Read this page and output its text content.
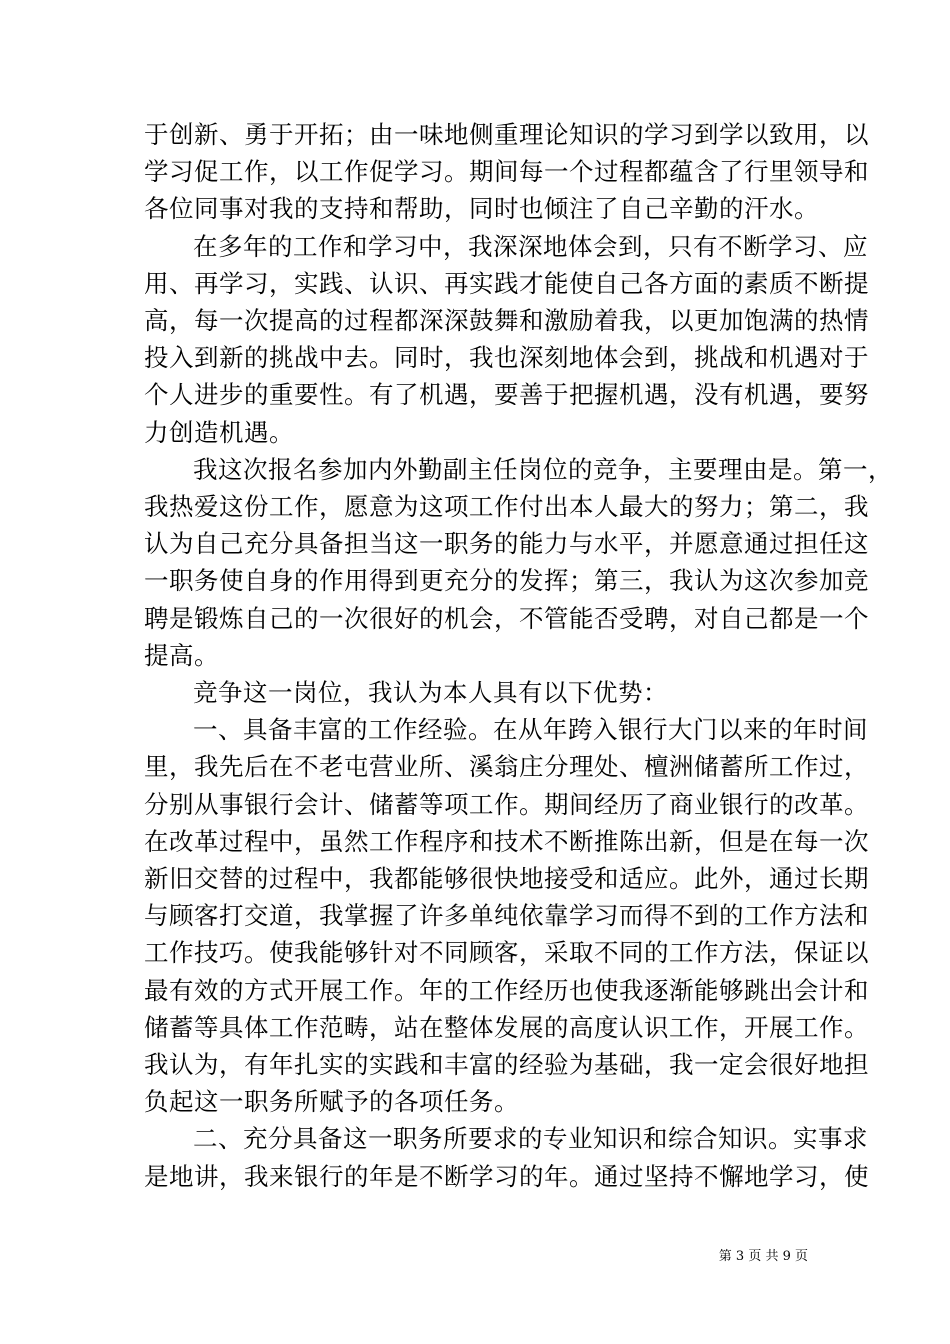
于创新、勇于开拓；由一味地侧重理论知识的学习到学以致用，以
学习促工作，以工作促学习。期间每一个过程都蕴含了行里领导和
各位同事对我的支持和帮助，同时也倾注了自己辛勤的汗水。

在多年的工作和学习中，我深深地体会到，只有不断学习、应
用、再学习，实践、认识、再实践才能使自己各方面的素质不断提
高，每一次提高的过程都深深鼓舞和激励着我，以更加饱满的热情
投入到新的挑战中去。同时，我也深刻地体会到，挑战和机遇对于
个人进步的重要性。有了机遇，要善于把握机遇，没有机遇，要努
力创造机遇。

我这次报名参加内外勤副主任岗位的竞争，主要理由是。第一，
我热爱这份工作，愿意为这项工作付出本人最大的努力；第二，我
认为自己充分具备担当这一职务的能力与水平，并愿意通过担任这
一职务使自身的作用得到更充分的发挥；第三，我认为这次参加竞
聘是锻炼自己的一次很好的机会，不管能否受聘，对自己都是一个
提高。

竞争这一岗位，我认为本人具有以下优势：

一、具备丰富的工作经验。在从年跨入银行大门以来的年时间
里，我先后在不老屯营业所、溪翁庄分理处、檀洲储蓄所工作过，
分别从事银行会计、储蓄等项工作。期间经历了商业银行的改革。
在改革过程中，虽然工作程序和技术不断推陈出新，但是在每一次
新旧交替的过程中，我都能够很快地接受和适应。此外，通过长期
与顾客打交道，我掌握了许多单纯依靠学习而得不到的工作方法和
工作技巧。使我能够针对不同顾客，采取不同的工作方法，保证以
最有效的方式开展工作。年的工作经历也使我逐渐能够跳出会计和
储蓄等具体工作范畴，站在整体发展的高度认识工作，开展工作。
我认为，有年扎实的实践和丰富的经验为基础，我一定会很好地担
负起这一职务所赋予的各项任务。

二、充分具备这一职务所要求的专业知识和综合知识。实事求
是地讲，我来银行的年是不断学习的年。通过坚持不懈地学习，使

第 3 页 共 9 页
